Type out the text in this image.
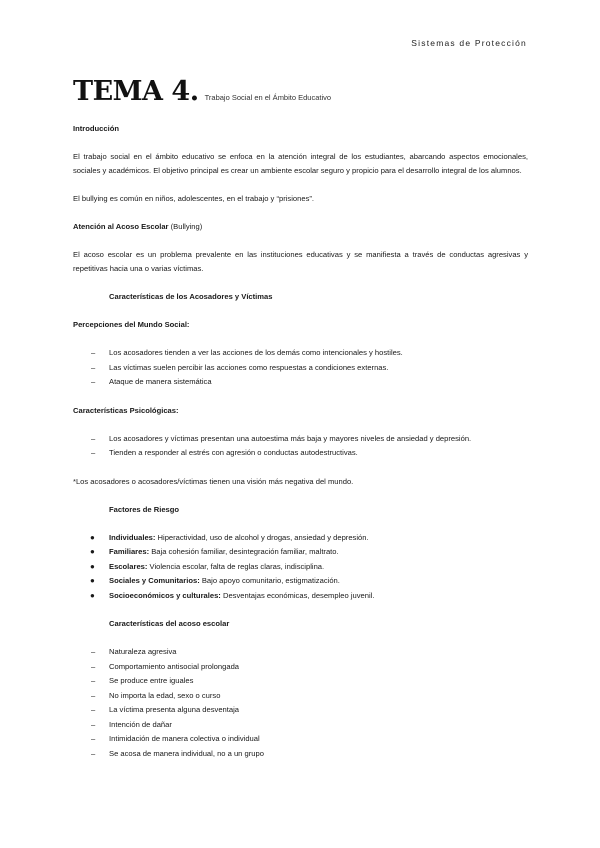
Sistemas de Protección
TEMA 4. Trabajo Social en el Ámbito Educativo
Introducción
El trabajo social en el ámbito educativo se enfoca en la atención integral de los estudiantes, abarcando aspectos emocionales, sociales y académicos. El objetivo principal es crear un ambiente escolar seguro y propicio para el desarrollo integral de los alumnos.
El bullying es común en niños, adolescentes, en el trabajo y “prisiones”.
Atención al Acoso Escolar (Bullying)
El acoso escolar es un problema prevalente en las instituciones educativas y se manifiesta a través de conductas agresivas y repetitivas hacia una o varias víctimas.
Características de los Acosadores y Víctimas
Percepciones del Mundo Social:
– Los acosadores tienden a ver las acciones de los demás como intencionales y hostiles.
– Las víctimas suelen percibir las acciones como respuestas a condiciones externas.
– Ataque de manera sistemática
Características Psicológicas:
– Los acosadores y víctimas presentan una autoestima más baja y mayores niveles de ansiedad y depresión.
– Tienden a responder al estrés con agresión o conductas autodestructivas.
*Los acosadores o acosadores/víctimas tienen una visión más negativa del mundo.
Factores de Riesgo
● Individuales: Hiperactividad, uso de alcohol y drogas, ansiedad y depresión.
● Familiares: Baja cohesión familiar, desintegración familiar, maltrato.
● Escolares: Violencia escolar, falta de reglas claras, indisciplina.
● Sociales y Comunitarios: Bajo apoyo comunitario, estigmatización.
● Socioeconómicos y culturales: Desventajas económicas, desempleo juvenil.
Características del acoso escolar
– Naturaleza agresiva
– Comportamiento antisocial prolongada
– Se produce entre iguales
– No importa la edad, sexo o curso
– La víctima presenta alguna desventaja
– Intención de dañar
– Intimidación de manera colectiva o individual
– Se acosa de manera individual, no a un grupo
